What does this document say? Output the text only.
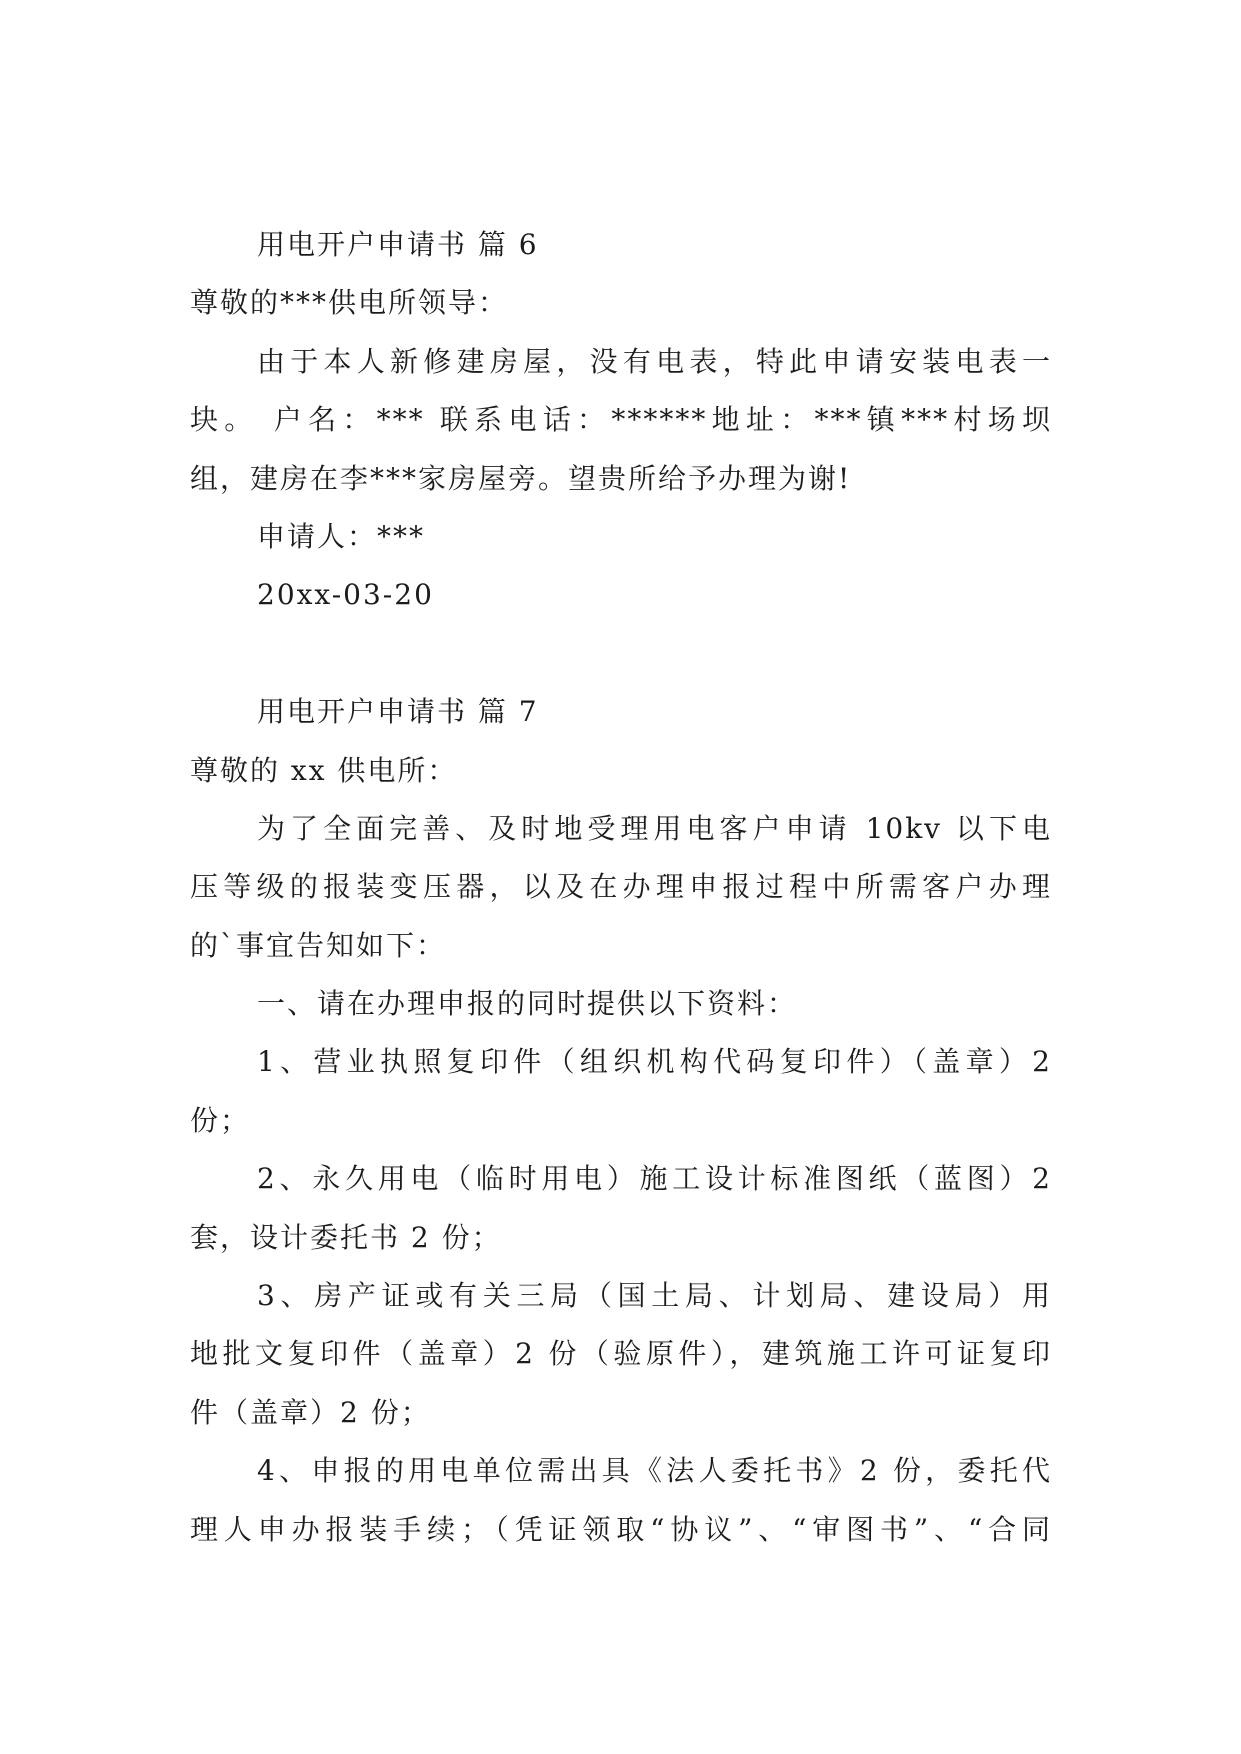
用电开户申请书 篇 6
尊敬的***供电所领导：
由于本人新修建房屋，没有电表，特此申请安装电表一
块。 户名：*** 联系电话：******地址：***镇***村场坝
组，建房在李***家房屋旁。望贵所给予办理为谢!
申请人：***
20xx-03-20
用电开户申请书 篇 7
尊敬的 xx 供电所：
为了全面完善、及时地受理用电客户申请 10kv 以下电
压等级的报装变压器，以及在办理申报过程中所需客户办理
的`事宜告知如下：
一、请在办理申报的同时提供以下资料：
1、营业执照复印件（组织机构代码复印件）（盖章）2
份；
2、永久用电（临时用电）施工设计标准图纸（蓝图）2
套，设计委托书 2 份；
3、房产证或有关三局（国土局、计划局、建设局）用
地批文复印件（盖章）2 份（验原件），建筑施工许可证复印
件（盖章）2 份；
4、申报的用电单位需出具《法人委托书》2 份，委托代
理人申办报装手续；（凭证领取“协议”、“审图书”、“合同
